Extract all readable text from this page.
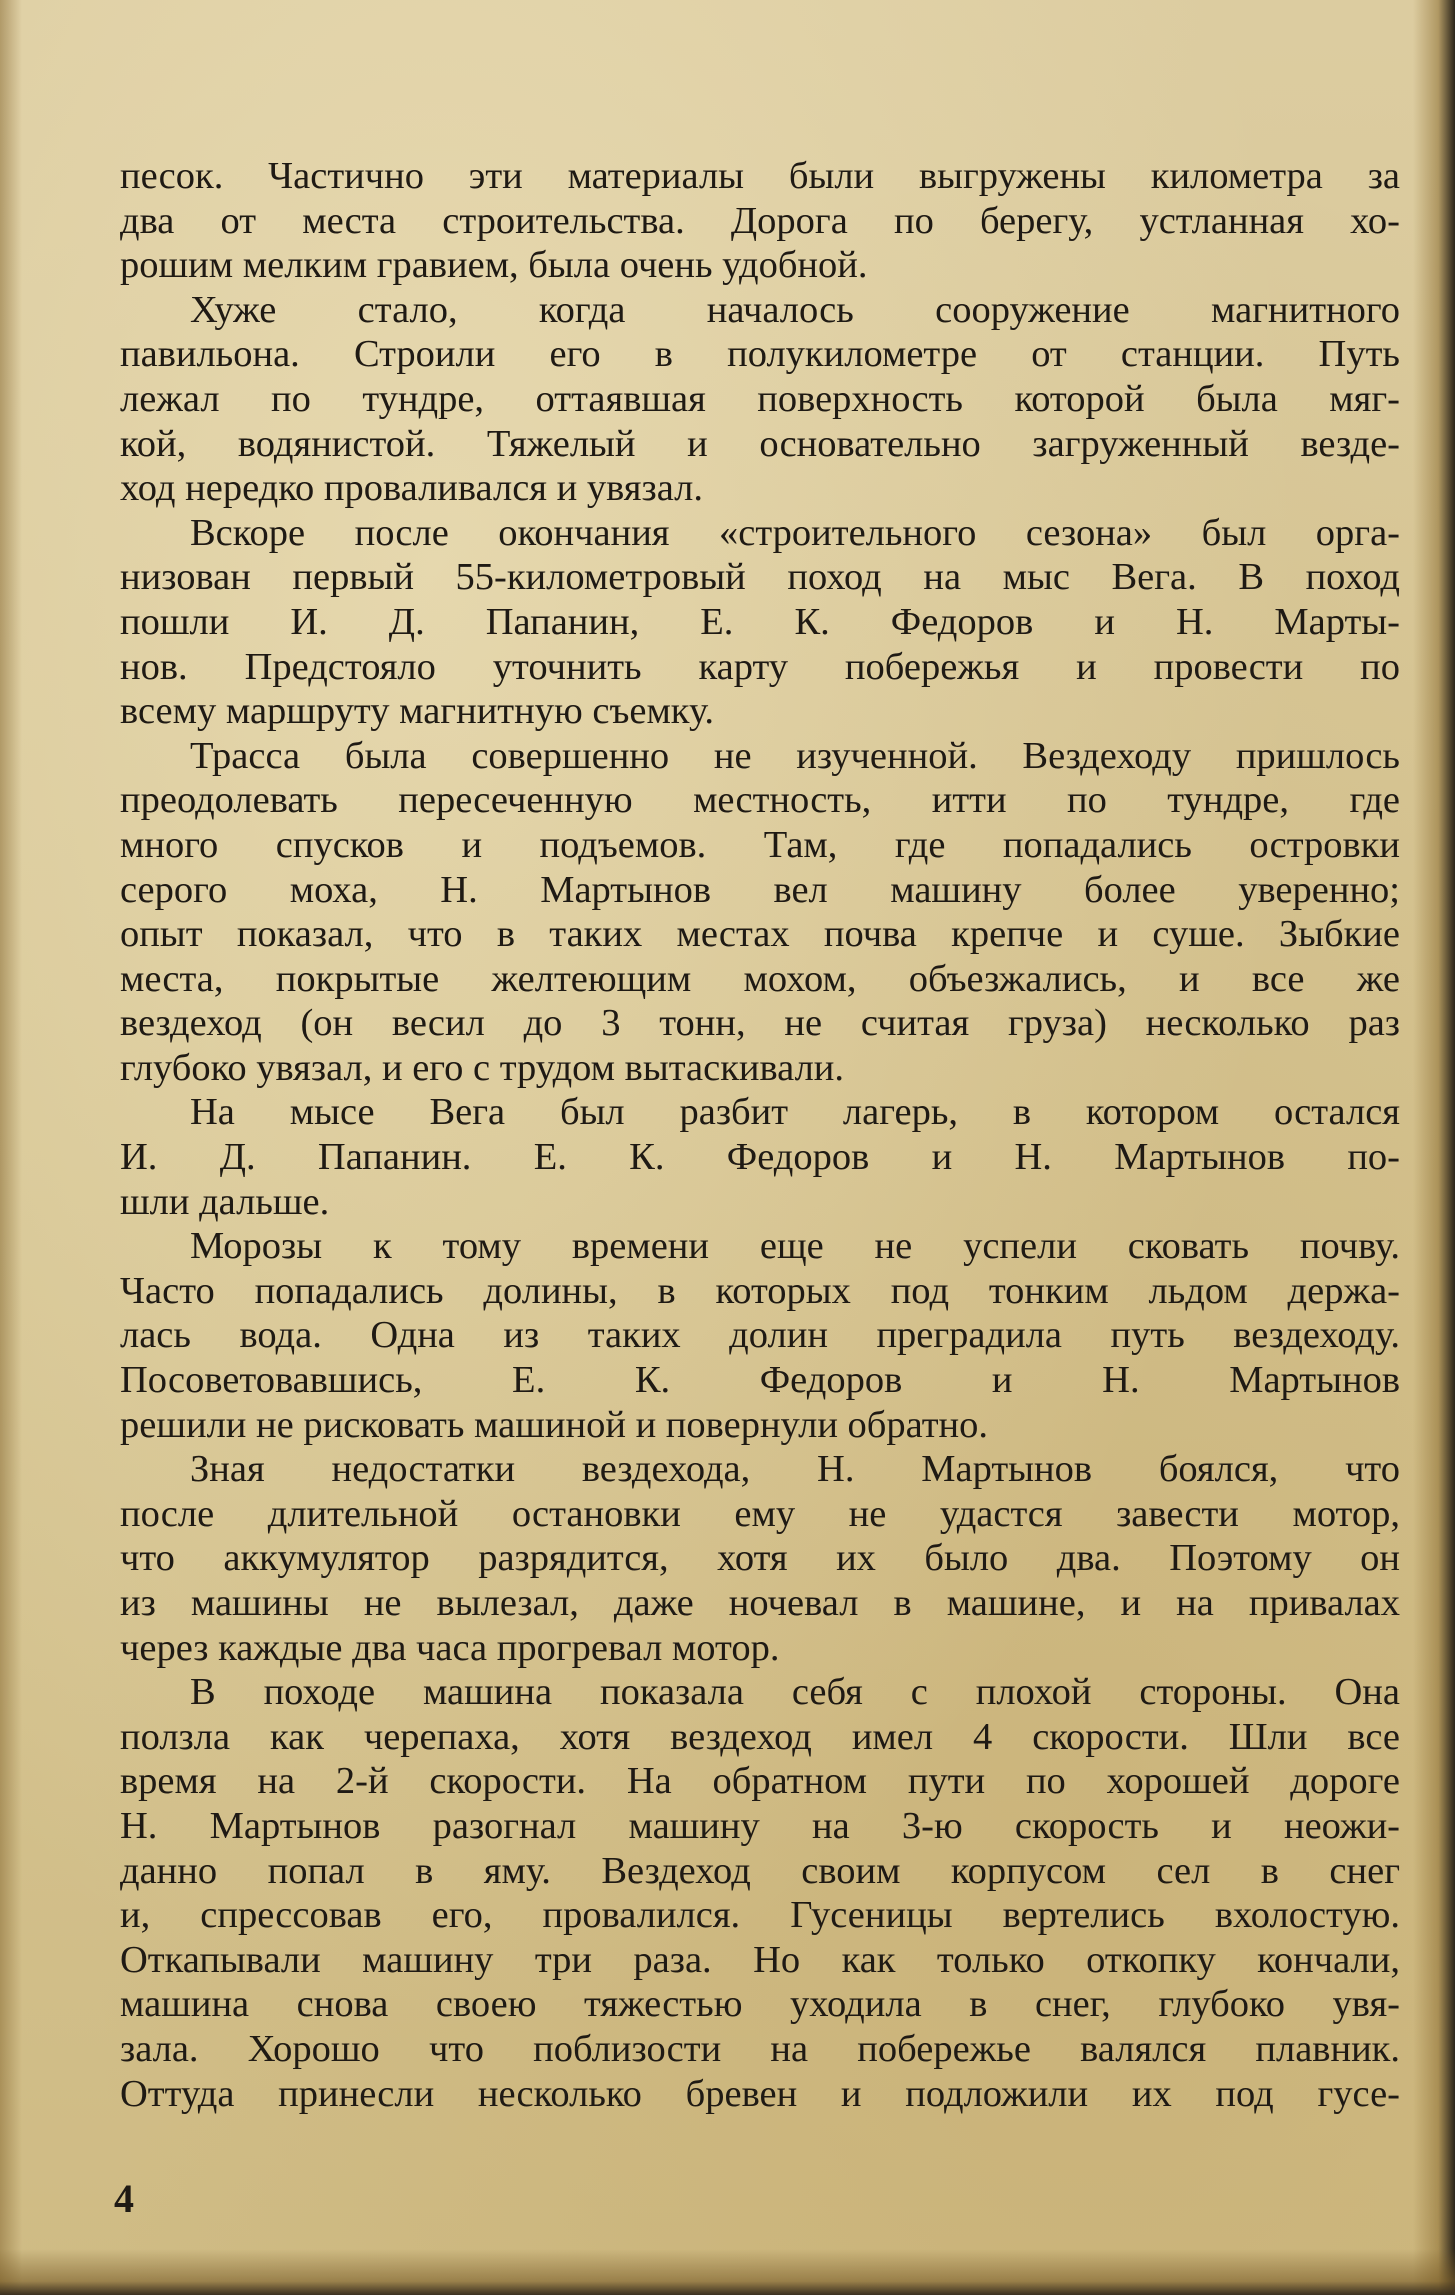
песок. Частично эти материалы были выгружены километра за
два от места строительства. Дорога по берегу, устланная хо-
рошим мелким гравием, была очень удобной.
Хуже стало, когда началось сооружение магнитного
павильона. Строили его в полукилометре от станции. Путь
лежал по тундре, оттаявшая поверхность которой была мяг-
кой, водянистой. Тяжелый и основательно загруженный везде-
ход нередко проваливался и увязал.
Вскоре после окончания «строительного сезона» был орга-
низован первый 55-километровый поход на мыс Вега. В поход
пошли И. Д. Папанин, Е. К. Федоров и Н. Марты-
нов. Предстояло уточнить карту побережья и провести по
всему маршруту магнитную съемку.
Трасса была совершенно не изученной. Вездеходу пришлось
преодолевать пересеченную местность, итти по тундре, где
много спусков и подъемов. Там, где попадались островки
серого моха, Н. Мартынов вел машину более уверенно;
опыт показал, что в таких местах почва крепче и суше. Зыбкие
места, покрытые желтеющим мохом, объезжались, и все же
вездеход (он весил до 3 тонн, не считая груза) несколько раз
глубоко увязал, и его с трудом вытаскивали.
На мысе Вега был разбит лагерь, в котором остался
И. Д. Папанин. Е. К. Федоров и Н. Мартынов по-
шли дальше.
Морозы к тому времени еще не успели сковать почву.
Часто попадались долины, в которых под тонким льдом держа-
лась вода. Одна из таких долин преградила путь вездеходу.
Посоветовавшись, Е. К. Федоров и Н. Мартынов
решили не рисковать машиной и повернули обратно.
Зная недостатки вездехода, Н. Мартынов боялся, что
после длительной остановки ему не удастся завести мотор,
что аккумулятор разрядится, хотя их было два. Поэтому он
из машины не вылезал, даже ночевал в машине, и на привалах
через каждые два часа прогревал мотор.
В походе машина показала себя с плохой стороны. Она
ползла как черепаха, хотя вездеход имел 4 скорости. Шли все
время на 2-й скорости. На обратном пути по хорошей дороге
Н. Мартынов разогнал машину на 3-ю скорость и неожи-
данно попал в яму. Вездеход своим корпусом сел в снег
и, спрессовав его, провалился. Гусеницы вертелись вхолостую.
Откапывали машину три раза. Но как только откопку кончали,
машина снова своею тяжестью уходила в снег, глубоко увя-
зала. Хорошо что поблизости на побережье валялся плавник.
Оттуда принесли несколько бревен и подложили их под гусе-
4
